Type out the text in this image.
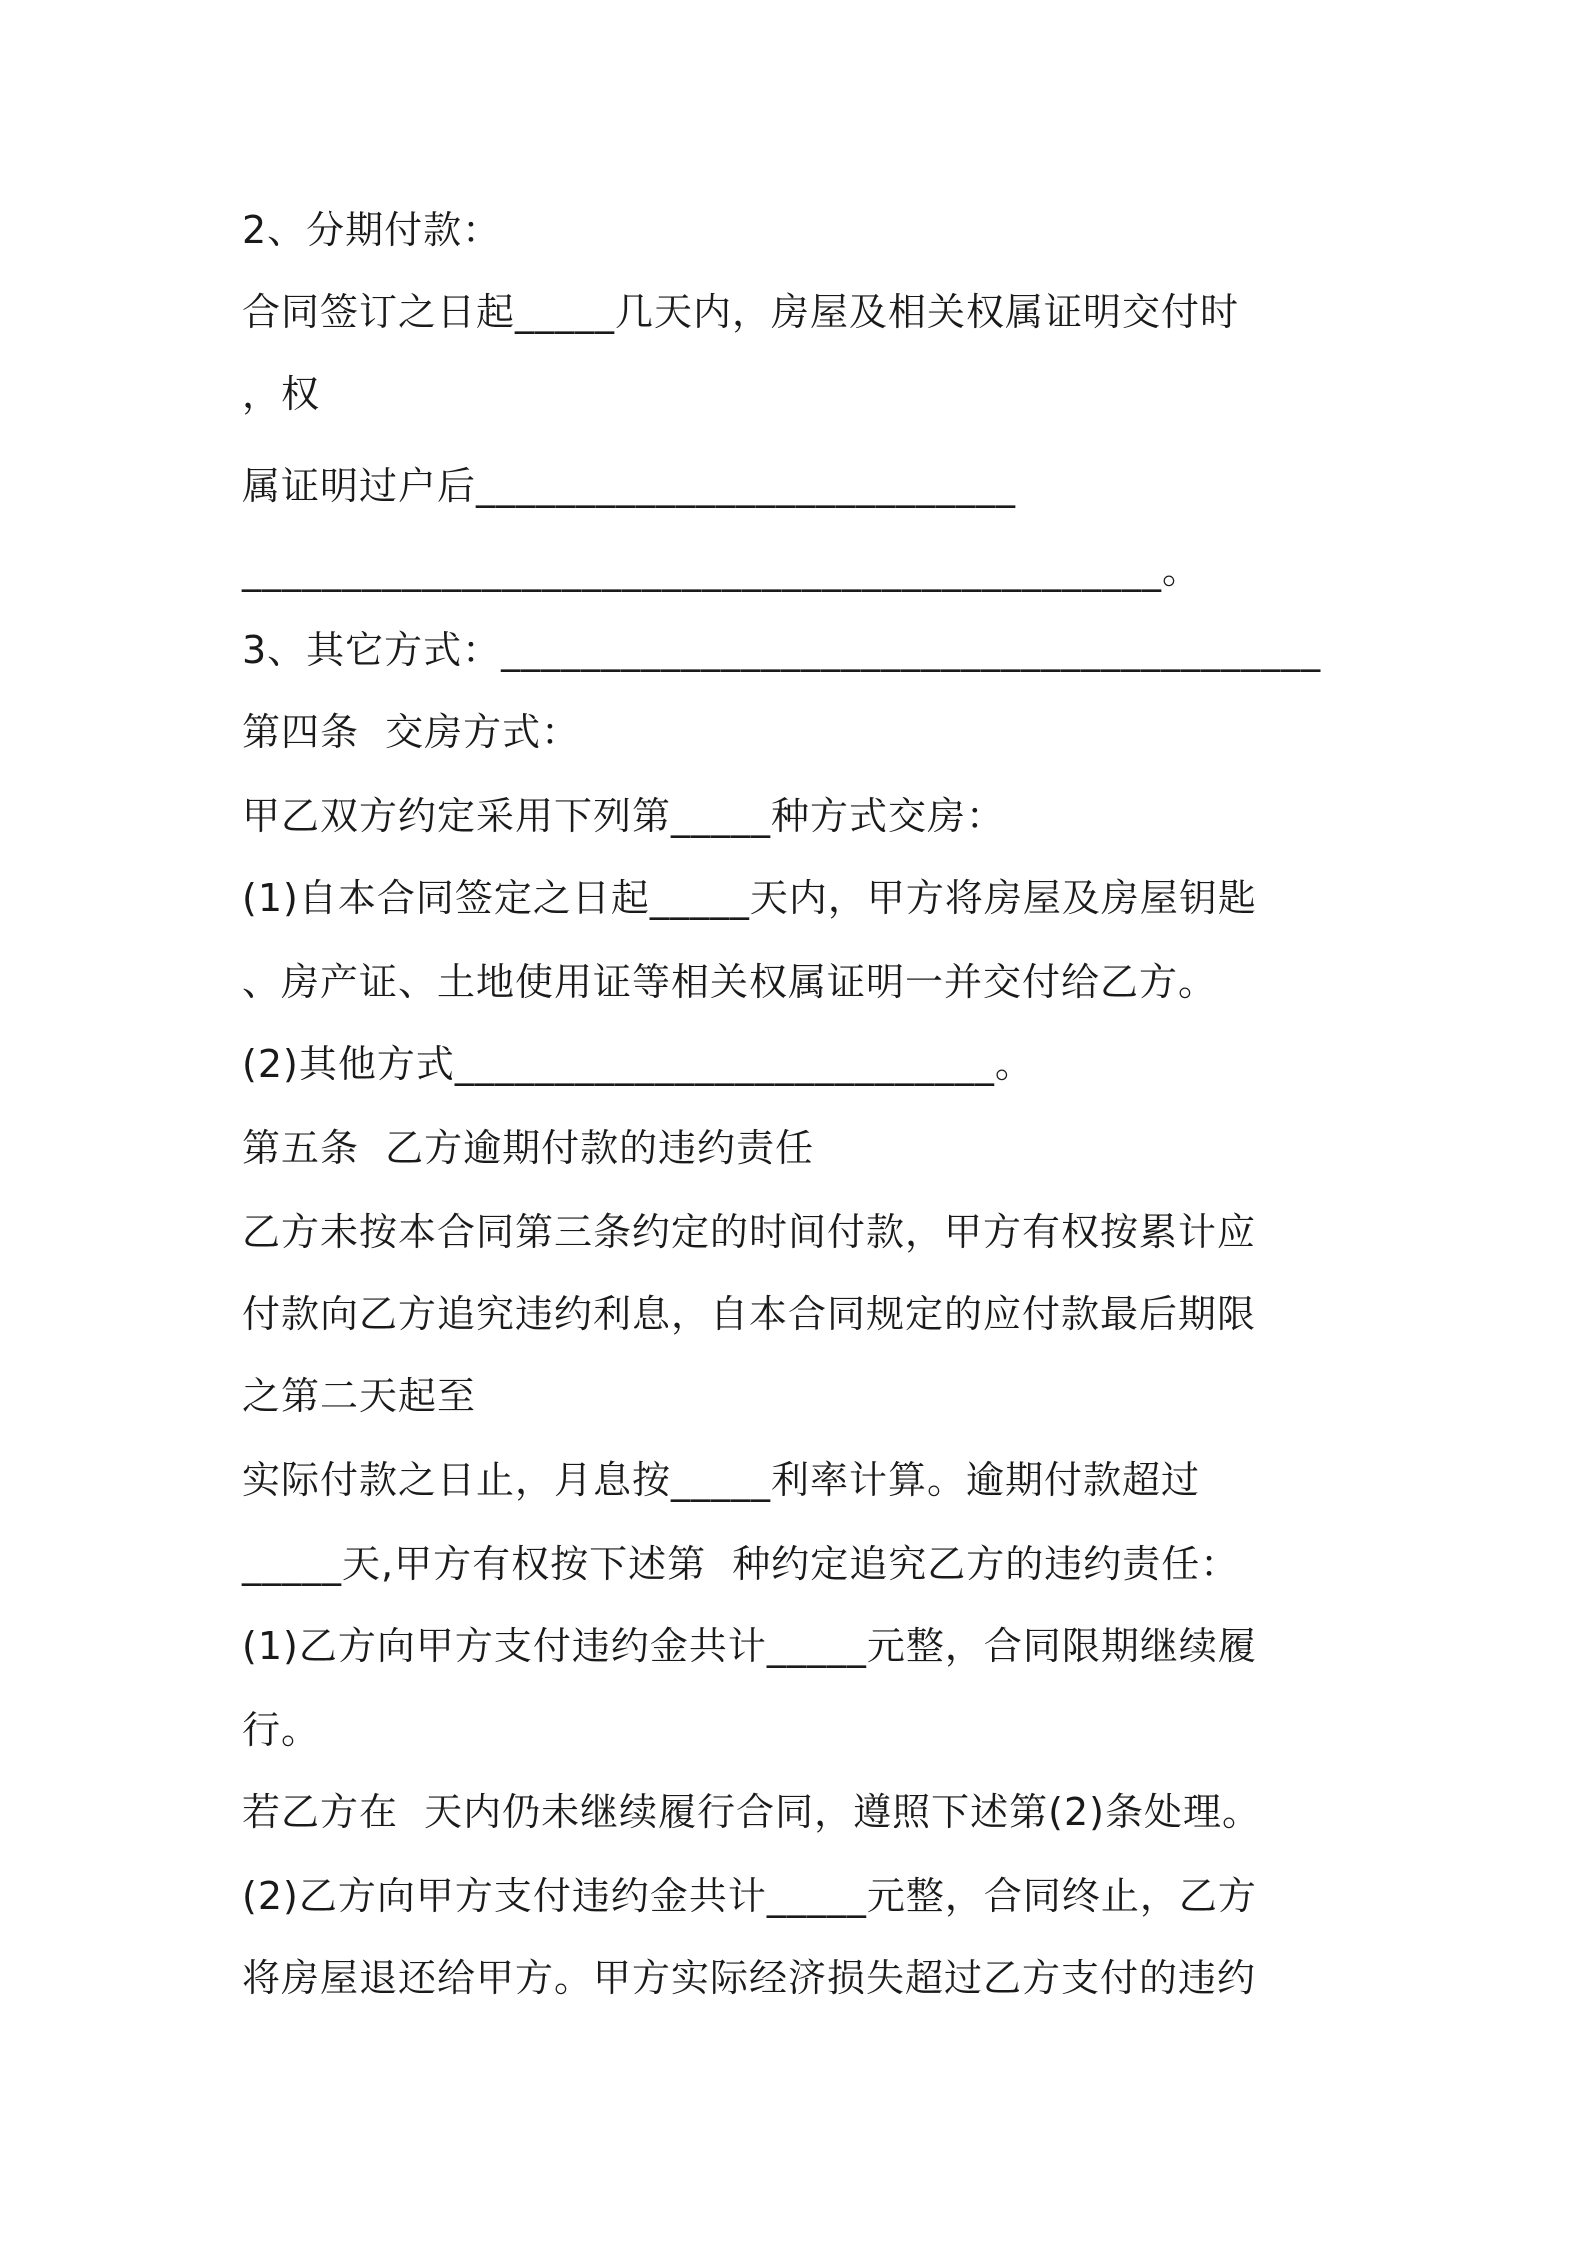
2、分期付款：
合同签订之日起_____几天内，房屋及相关权属证明交付时
，权
属证明过户后___________________________
______________________________________________。
3、其它方式：_________________________________________
第四条  交房方式：
甲乙双方约定采用下列第_____种方式交房：
(1)自本合同签定之日起_____天内，甲方将房屋及房屋钥匙
、房产证、土地使用证等相关权属证明一并交付给乙方。
(2)其他方式___________________________。
第五条  乙方逾期付款的违约责任
乙方未按本合同第三条约定的时间付款，甲方有权按累计应
付款向乙方追究违约利息，自本合同规定的应付款最后期限
之第二天起至
实际付款之日止，月息按_____利率计算。逾期付款超过
_____天,甲方有权按下述第  种约定追究乙方的违约责任：
(1)乙方向甲方支付违约金共计_____元整，合同限期继续履
行。
若乙方在  天内仍未继续履行合同，遵照下述第(2)条处理。
(2)乙方向甲方支付违约金共计_____元整，合同终止，乙方
将房屋退还给甲方。甲方实际经济损失超过乙方支付的违约
